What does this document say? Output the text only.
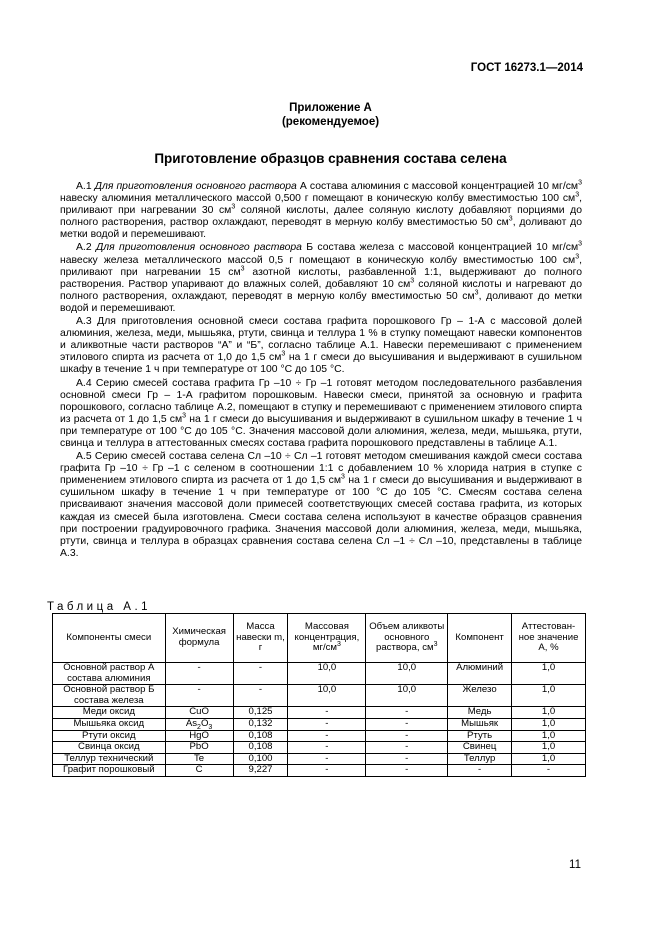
ГОСТ 16273.1—2014
Приложение А
(рекомендуемое)
Приготовление образцов сравнения состава селена

А.1 Для приготовления основного раствора А состава алюминия с массовой концентрацией 10 $мг/см^3$ навеску алюминия металлического массой 0,500 г помещают в коническую колбу вместимостью 100 $см^3$, приливают при нагревании 30 $см^3$ соляной кислоты, далее соляную кислоту добавляют порциями до полного растворения, раствор охлаждают, переводят в мерную колбу вместимостью 50 $см^3$, доливают до метки водой и перемешивают.

А.2 Для приготовления основного раствора Б состава железа с массовой концентрацией 10 $мг/см^3$ навеску железа металлического массой 0,5 г помещают в коническую колбу вместимостью 100 $см^3$, приливают при нагревании 15 $см^3$ азотной кислоты, разбавленной 1:1, выдерживают до полного растворения. Раствор упаривают до влажных солей, добавляют 10 $см^3$ соляной кислоты и нагревают до полного растворения, охлаждают, переводят в мерную колбу вместимостью 50 $см^3$, доливают до метки водой и перемешивают.

А.3 Для приготовления основной смеси состава графита порошкового Гр – 1-А с массовой долей алюминия, железа, меди, мышьяка, ртути, свинца и теллура 1 % в ступку помещают навески компонентов и аликвотные части растворов “А” и “Б”, согласно таблице А.1. Навески перемешивают с применением этилового спирта из расчета от 1,0 до 1,5 $см^3$ на 1 г смеси до высушивания и выдерживают в сушильном шкафу в течение 1 ч при температуре от 100 °С до 105 °С.

А.4 Серию смесей состава графита Гр –10 ÷ Гр –1 готовят методом последовательного разбавления основной смеси Гр – 1-А графитом порошковым. Навески смеси, принятой за основную и графита порошкового, согласно таблице А.2, помещают в ступку и перемешивают с применением этилового спирта из расчета от 1 до 1,5 $см^3$ на 1 г смеси до высушивания и выдерживают в сушильном шкафу в течение 1 ч при температуре от 100 °С до 105 °С. Значения массовой доли алюминия, железа, меди, мышьяка, ртути, свинца и теллура в аттестованных смесях состава графита порошкового представлены в таблице А.1.

А.5 Серию смесей состава селена Сл –10 ÷ Сл –1 готовят методом смешивания каждой смеси состава графита Гр –10 ÷ Гр –1 с селеном в соотношении 1:1 с добавлением 10 % хлорида натрия в ступке с применением этилового спирта из расчета от 1 до 1,5 $см^3$ на 1 г смеси до высушивания и выдерживают в сушильном шкафу в течение 1 ч при температуре от 100 °С до 105 °С. Смесям состава селена присваивают значения массовой доли примесей соответствующих смесей состава графита, из которых каждая из смесей была изготовлена. Смеси состава селена используют в качестве образцов сравнения при построении градуировочного графика. Значения массовой доли алюминия, железа, меди, мышьяка, ртути, свинца и теллура в образцах сравнения состава селена Сл –1 ÷ Сл –10, представлены в таблице А.3.

Таблица А.1
Компоненты смеси	Химическая формула	Масса навески m, г	Массовая концентрация, $мг/см^3$	Объем аликвоты основного раствора, $см^3$	Компонент	Аттестован-ное значение А, %
Основной раствор А состава алюминия	-	-	10,0	10,0	Алюминий	1,0
Основной раствор Б состава железа	-	-	10,0	10,0	Железо	1,0
Меди оксид	CuO	0,125	-	-	Медь	1,0
Мышьяка оксид	$As_2O_3$	0,132	-	-	Мышьяк	1,0
Ртути оксид	HgO	0,108	-	-	Ртуть	1,0
Свинца оксид	PbO	0,108	-	-	Свинец	1,0
Теллур технический	Te	0,100	-	-	Теллур	1,0
Графит порошковый	C	9,227	-	-	-	-
11
